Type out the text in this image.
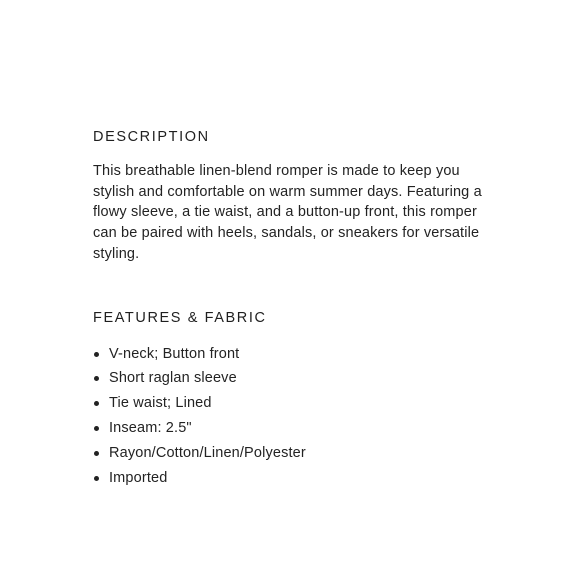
DESCRIPTION

This breathable linen-blend romper is made to keep you stylish and comfortable on warm summer days. Featuring a flowy sleeve, a tie waist, and a button-up front, this romper can be paired with heels, sandals, or sneakers for versatile styling.

FEATURES & FABRIC
V-neck; Button front
Short raglan sleeve
Tie waist; Lined
Inseam: 2.5"
Rayon/Cotton/Linen/Polyester
Imported
